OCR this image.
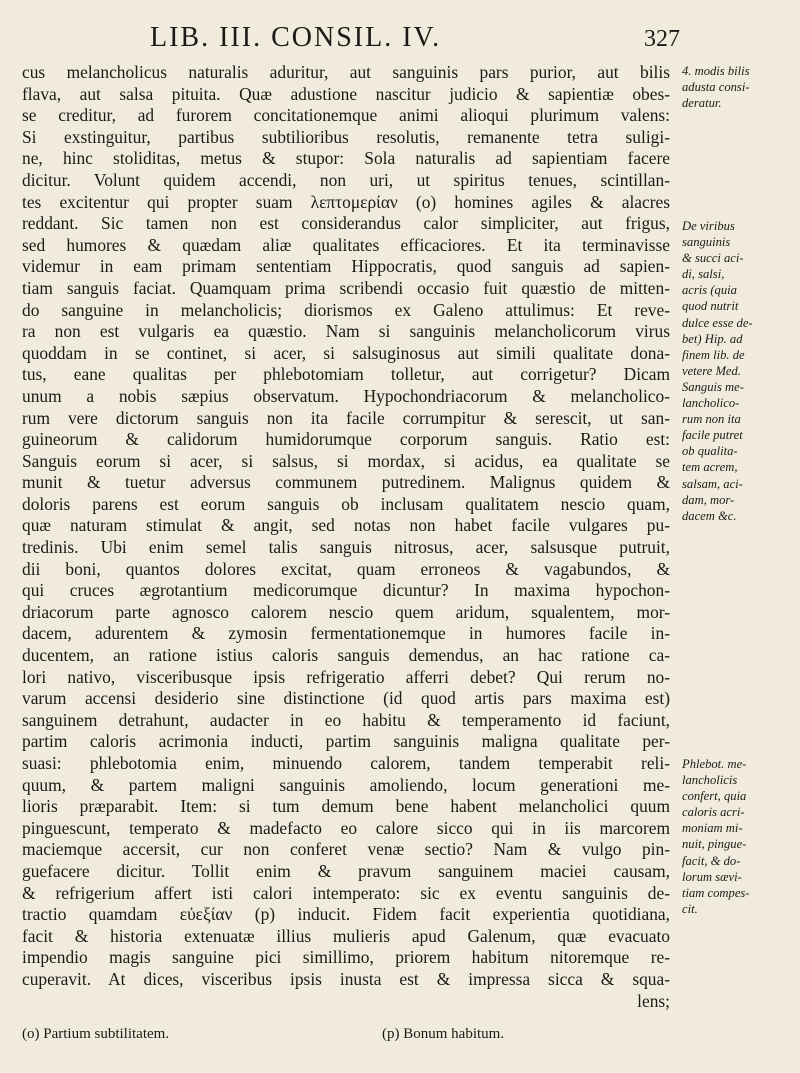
LIB. III. CONSIL. IV.	327
cus melancholicus naturalis aduritur, aut sanguinis pars purior, aut bilis
flava, aut salsa pituita. Quæ adustione nascitur judicio & sapientiæ obes-
se creditur, ad furorem concitationemque animi alioqui plurimum valens:
Si exstinguitur, partibus subtilioribus resolutis, remanente tetra suligi-
ne, hinc stoliditas, metus & stupor: Sola naturalis ad sapientiam facere
dicitur. Volunt quidem accendi, non uri, ut spiritus tenues, scintillan-
tes excitentur qui propter suam λεπτομερίαν (o) homines agiles & alacres
reddant. Sic tamen non est considerandus calor simpliciter, aut frigus,
sed humores & quædam aliæ qualitates efficaciores. Et ita terminavisse
videmur in eam primam sententiam Hippocratis, quod sanguis ad sapien-
tiam sanguis faciat. Quamquam prima scribendi occasio fuit quæstio de mitten-
do sanguine in melancholicis; diorismos ex Galeno attulimus: Et reve-
ra non est vulgaris ea quæstio. Nam si sanguinis melancholicorum virus
quoddam in se continet, si acer, si salsuginosus aut simili qualitate dona-
tus, eane qualitas per phlebotomiam tolletur, aut corrigetur? Dicam
unum a nobis sæpius observatum. Hypochondriacorum & melancholico-
rum vere dictorum sanguis non ita facile corrumpitur & serescit, ut san-
guineorum & calidorum humidorumque corporum sanguis. Ratio est:
Sanguis eorum si acer, si salsus, si mordax, si acidus, ea qualitate se
munit & tuetur adversus communem putredinem. Malignus quidem &
doloris parens est eorum sanguis ob inclusam qualitatem nescio quam,
quæ naturam stimulat & angit, sed notas non habet facile vulgares pu-
tredinis. Ubi enim semel talis sanguis nitrosus, acer, salsusque putruit,
dii boni, quantos dolores excitat, quam erroneos & vagabundos, &
qui cruces ægrotantium medicorumque dicuntur? In maxima hypochon-
driacorum parte agnosco calorem nescio quem aridum, squalentem, mor-
dacem, adurentem & zymosin fermentationemque in humores facile in-
ducentem, an ratione istius caloris sanguis demendus, an hac ratione ca-
lori nativo, visceribusque ipsis refrigeratio afferri debet? Qui rerum no-
varum accensi desiderio sine distinctione (id quod artis pars maxima est)
sanguinem detrahunt, audacter in eo habitu & temperamento id faciunt,
partim caloris acrimonia inducti, partim sanguinis maligna qualitate per-
suasi: phlebotomia enim, minuendo calorem, tandem temperabit reli-
quum, & partem maligni sanguinis amoliendo, locum generationi me-
lioris præparabit. Item: si tum demum bene habent melancholici quum
pinguescunt, temperato & madefacto eo calore sicco qui in iis marcorem
maciemque accersit, cur non conferet venæ sectio? Nam & vulgo pin-
guefacere dicitur. Tollit enim & pravum sanguinem maciei causam,
& refrigerium affert isti calori intemperato: sic ex eventu sanguinis de-
tractio quamdam εὐεξίαν (p) inducit. Fidem facit experientia quotidiana,
facit & historia extenuatæ illius mulieris apud Galenum, quæ evacuato
impendio magis sanguine pici simillimo, priorem habitum nitoremque re-
cuperavit. At dices, visceribus ipsis inusta est & impressa sicca & squa-
lens;
4. modis bilis
adusta consi-
deratur.
De viribus
sanguinis
& succi aci-
di, salsi,
acris (quia
quod nutrit
dulce esse de-
bet) Hip. ad
finem lib. de
vetere Med.
Sanguis me-
lancholico-
rum non ita
facile putret
ob qualita-
tem acrem,
salsam, aci-
dam, mor-
dacem &c.
Phlebot. me-
lancholicis
confert, quia
caloris acri-
moniam mi-
nuit, pingue-
facit, & do-
lorum sævi-
tiam compes-
cit.
(o) Partium subtilitatem.	(p) Bonum habitum.
